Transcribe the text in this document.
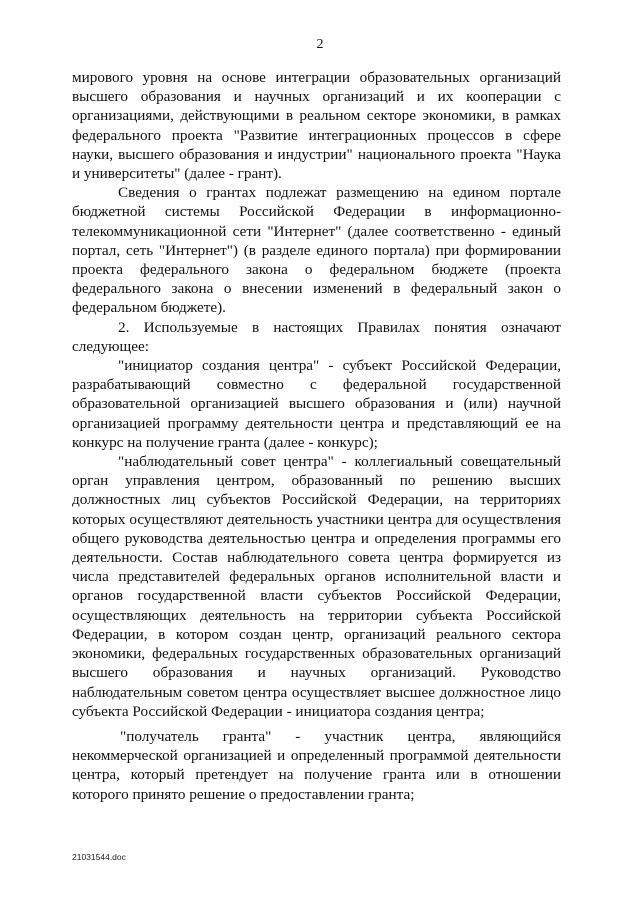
2

мирового уровня на основе интеграции образовательных организаций высшего образования и научных организаций и их кооперации с организациями, действующими в реальном секторе экономики, в рамках федерального проекта "Развитие интеграционных процессов в сфере науки, высшего образования и индустрии" национального проекта "Наука и университеты" (далее - грант).

Сведения о грантах подлежат размещению на едином портале бюджетной системы Российской Федерации в информационно-телекоммуникационной сети "Интернет" (далее соответственно - единый портал, сеть "Интернет") (в разделе единого портала) при формировании проекта федерального закона о федеральном бюджете (проекта федерального закона о внесении изменений в федеральный закон о федеральном бюджете).

2. Используемые в настоящих Правилах понятия означают следующее:

"инициатор создания центра" - субъект Российской Федерации, разрабатывающий совместно с федеральной государственной образовательной организацией высшего образования и (или) научной организацией программу деятельности центра и представляющий ее на конкурс на получение гранта (далее - конкурс);

"наблюдательный совет центра" - коллегиальный совещательный орган управления центром, образованный по решению высших должностных лиц субъектов Российской Федерации, на территориях которых осуществляют деятельность участники центра для осуществления общего руководства деятельностью центра и определения программы его деятельности. Состав наблюдательного совета центра формируется из числа представителей федеральных органов исполнительной власти и органов государственной власти субъектов Российской Федерации, осуществляющих деятельность на территории субъекта Российской Федерации, в котором создан центр, организаций реального сектора экономики, федеральных государственных образовательных организаций высшего образования и научных организаций. Руководство наблюдательным советом центра осуществляет высшее должностное лицо субъекта Российской Федерации - инициатора создания центра;

"получатель гранта" - участник центра, являющийся некоммерческой организацией и определенный программой деятельности центра, который претендует на получение гранта или в отношении которого принято решение о предоставлении гранта;

21031544.doc
